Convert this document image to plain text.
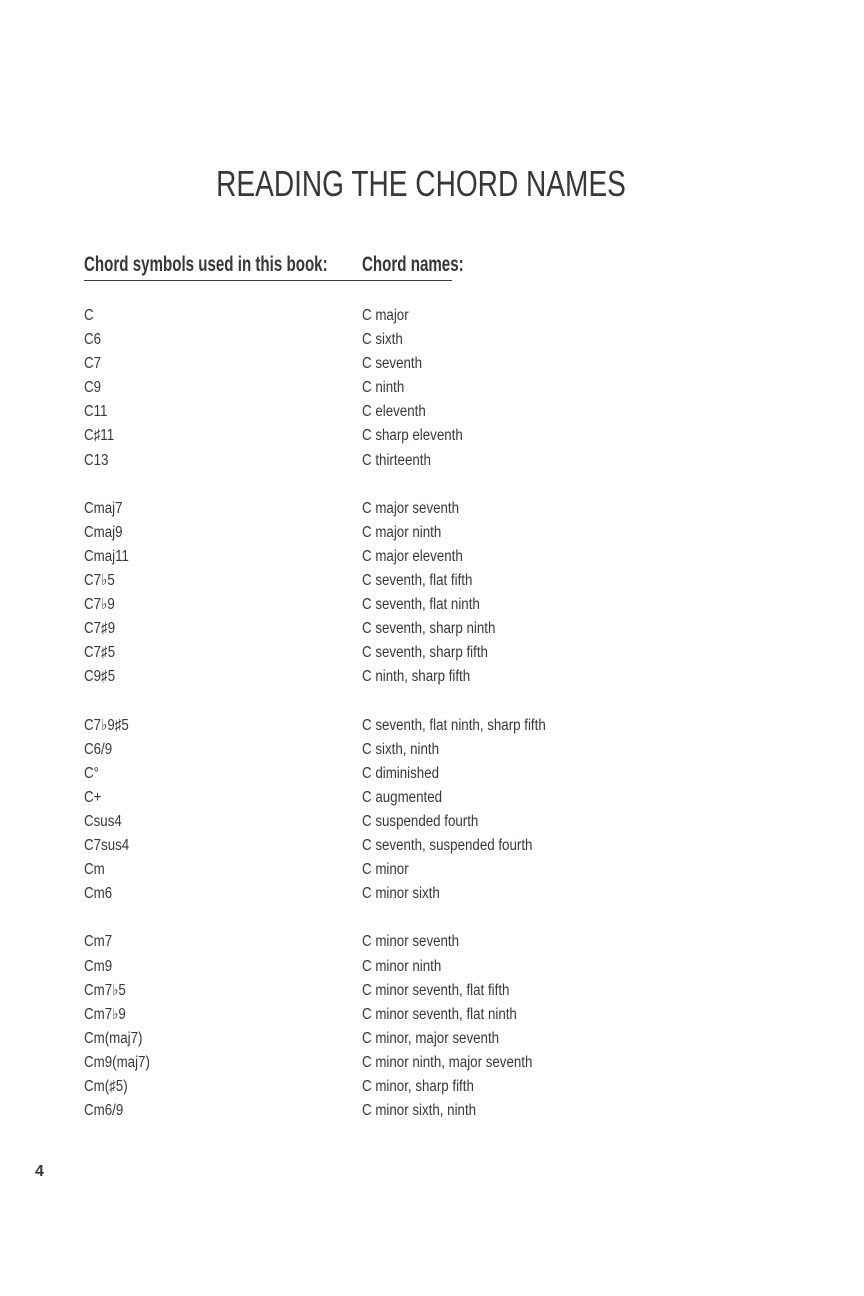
READING THE CHORD NAMES
Chord symbols used in this book: Chord names:
C	C major
C6	C sixth
C7	C seventh
C9	C ninth
C11	C eleventh
C♯11	C sharp eleventh
C13	C thirteenth
Cmaj7	C major seventh
Cmaj9	C major ninth
Cmaj11	C major eleventh
C7♭5	C seventh, flat fifth
C7♭9	C seventh, flat ninth
C7♯9	C seventh, sharp ninth
C7♯5	C seventh, sharp fifth
C9♯5	C ninth, sharp fifth
C7♭9♯5	C seventh, flat ninth, sharp fifth
C6/9	C sixth, ninth
C°	C diminished
C+	C augmented
Csus4	C suspended fourth
C7sus4	C seventh, suspended fourth
Cm	C minor
Cm6	C minor sixth
Cm7	C minor seventh
Cm9	C minor ninth
Cm7♭5	C minor seventh, flat fifth
Cm7♭9	C minor seventh, flat ninth
Cm(maj7)	C minor, major seventh
Cm9(maj7)	C minor ninth, major seventh
Cm(♯5)	C minor, sharp fifth
Cm6/9	C minor sixth, ninth
4
